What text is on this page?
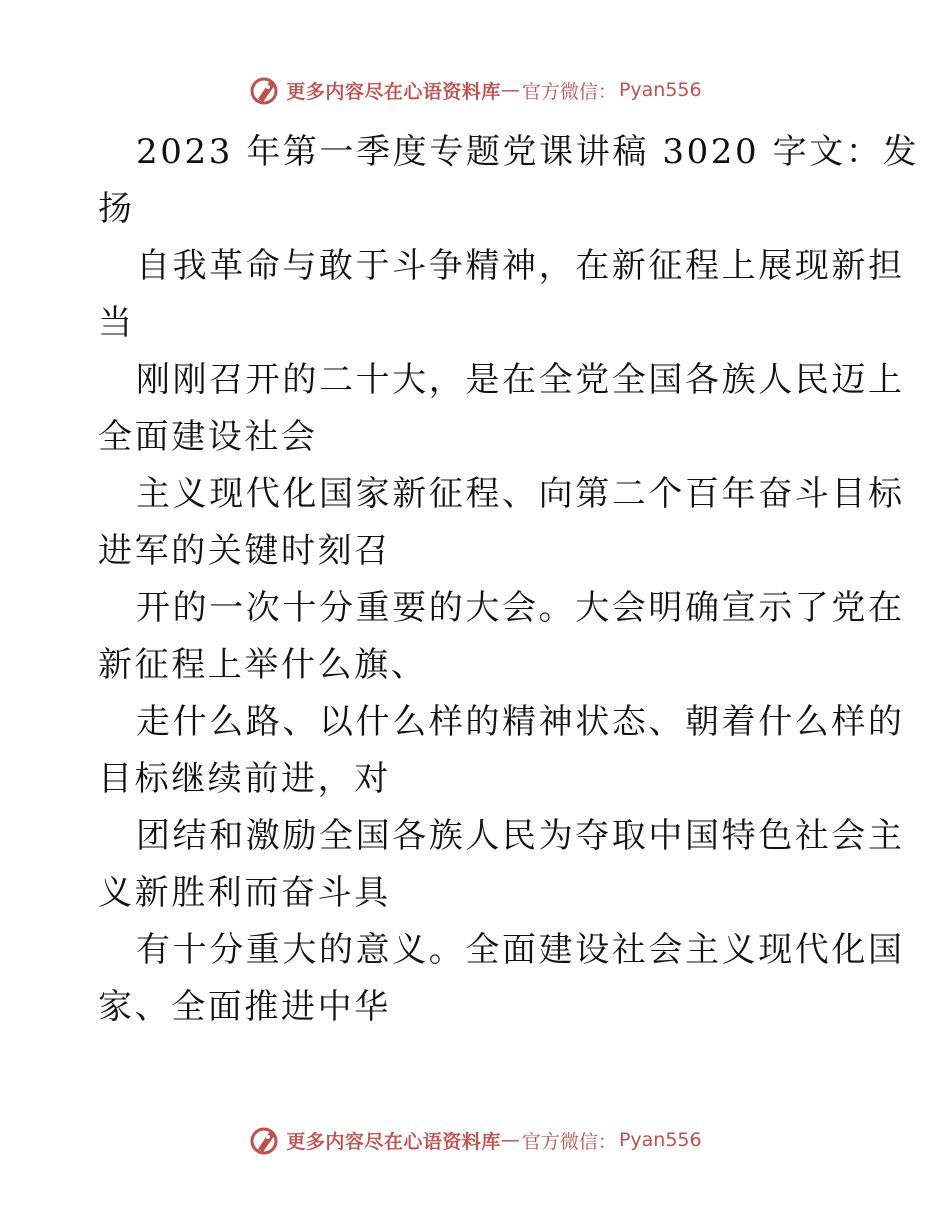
更多内容尽在心语资料库 — 官方微信： Pyan556
2023 年第一季度专题党课讲稿 3020 字文：发
扬
自我革命与敢于斗争精神，在新征程上展现新担
当
刚刚召开的二十大，是在全党全国各族人民迈上
全面建设社会
主义现代化国家新征程、向第二个百年奋斗目标
进军的关键时刻召
开的一次十分重要的大会。大会明确宣示了党在
新征程上举什么旗、
走什么路、以什么样的精神状态、朝着什么样的
目标继续前进，对
团结和激励全国各族人民为夺取中国特色社会主
义新胜利而奋斗具
有十分重大的意义。全面建设社会主义现代化国
家、全面推进中华
更多内容尽在心语资料库 — 官方微信： Pyan556
